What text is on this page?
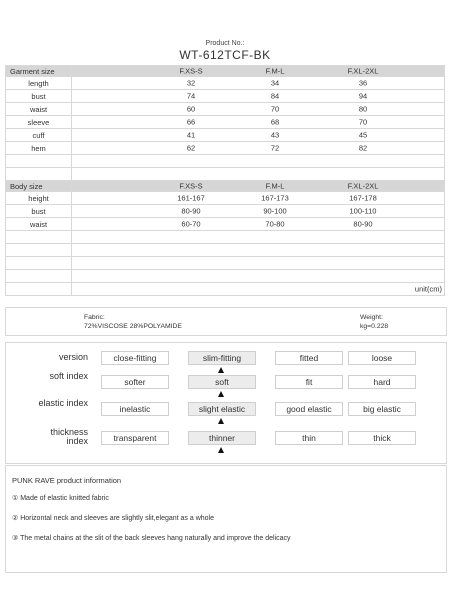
Product No.:
WT-612TCF-BK
Garment size	F.XS-S F.M-L F.XL-2XL

length	32 34 36

bust	74 84 94

waist	60 70 80

sleeve	66 68 70

cuff	41 43 45

hem	62 72 82

Body size	F.XS-S F.M-L F.XL-2XL

height	161-167 167-173 167-178

bust	80-90 90-100 100-110

waist	60-70 70-80 80-90

	unit(cm)
Fabric:
72%VISCOSE 28%POLYAMIDE
Weight:
kg=0.228
version	close-fitting	slim-fitting	fitted	loose
soft index
softer	soft	fit	hard
elastic index
inelastic	slight elastic	good elastic	big elastic
thickness index	transparent	thinner	thin	thick
PUNK RAVE product information
① Made of elastic knitted fabric
② Horizontal neck and sleeves are slightly slit,elegant as a whole
③ The metal chains at the slit of the back sleeves hang naturally and improve the delicacy
